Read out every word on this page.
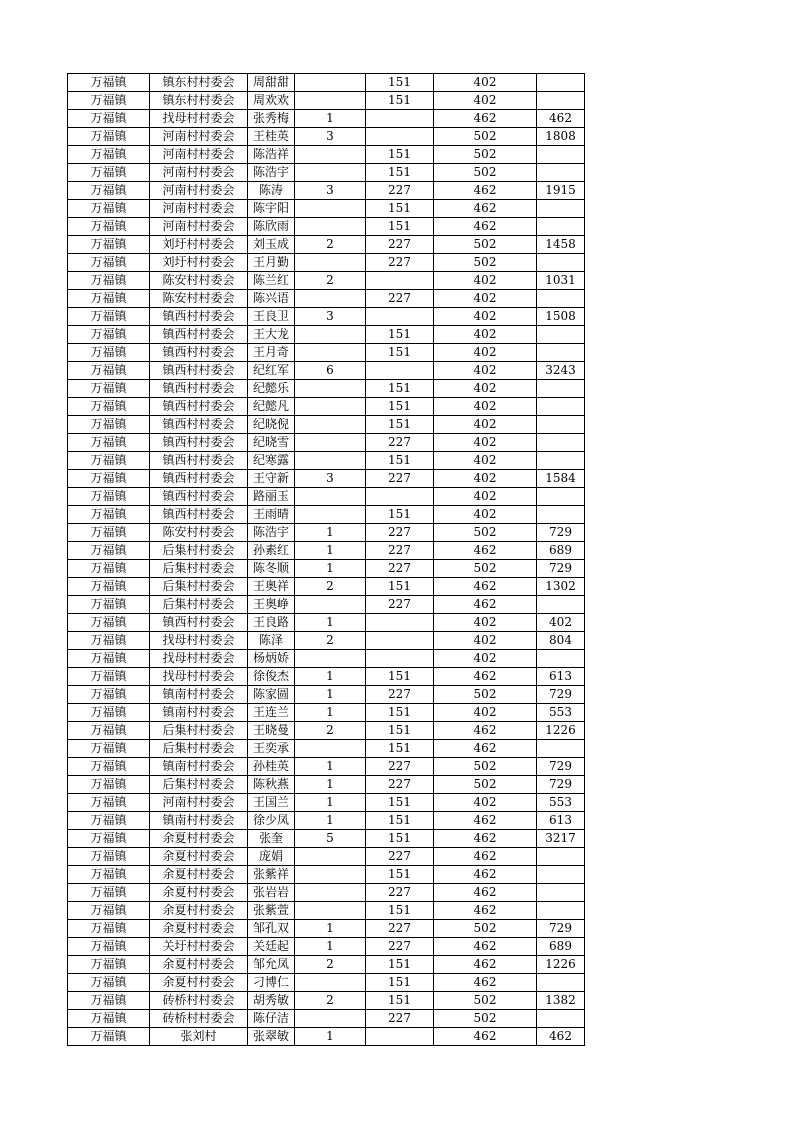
万福镇	镇东村村委会	周甜甜		151	402	
万福镇	镇东村村委会	周欢欢		151	402	
万福镇	找母村村委会	张秀梅	1		462	462
万福镇	河南村村委会	王桂英	3		502	1808
万福镇	河南村村委会	陈浩祥		151	502	
万福镇	河南村村委会	陈浩宇		151	502	
万福镇	河南村村委会	陈涛	3	227	462	1915
万福镇	河南村村委会	陈宇阳		151	462	
万福镇	河南村村委会	陈欣雨		151	462	
万福镇	刘圩村村委会	刘玉成	2	227	502	1458
万福镇	刘圩村村委会	王月勤		227	502	
万福镇	陈安村村委会	陈兰红	2		402	1031
万福镇	陈安村村委会	陈兴语		227	402	
万福镇	镇西村村委会	王良卫	3		402	1508
万福镇	镇西村村委会	王大龙		151	402	
万福镇	镇西村村委会	王月奇		151	402	
万福镇	镇西村村委会	纪红军	6		402	3243
万福镇	镇西村村委会	纪懿乐		151	402	
万福镇	镇西村村委会	纪懿凡		151	402	
万福镇	镇西村村委会	纪晓倪		151	402	
万福镇	镇西村村委会	纪晓雪		227	402	
万福镇	镇西村村委会	纪寒露		151	402	
万福镇	镇西村村委会	王守新	3	227	402	1584
万福镇	镇西村村委会	路丽玉			402	
万福镇	镇西村村委会	王雨晴		151	402	
万福镇	陈安村村委会	陈浩宇	1	227	502	729
万福镇	后集村村委会	孙素红	1	227	462	689
万福镇	后集村村委会	陈冬顺	1	227	502	729
万福镇	后集村村委会	王奥祥	2	151	462	1302
万福镇	后集村村委会	王奥峥		227	462	
万福镇	镇西村村委会	王良路	1		402	402
万福镇	找母村村委会	陈泽	2		402	804
万福镇	找母村村委会	杨炳娇			402	
万福镇	找母村村委会	徐俊杰	1	151	462	613
万福镇	镇南村村委会	陈家圆	1	227	502	729
万福镇	镇南村村委会	王连兰	1	151	402	553
万福镇	后集村村委会	王晓曼	2	151	462	1226
万福镇	后集村村委会	王奕承		151	462	
万福镇	镇南村村委会	孙桂英	1	227	502	729
万福镇	后集村村委会	陈秋燕	1	227	502	729
万福镇	河南村村委会	王国兰	1	151	402	553
万福镇	镇南村村委会	徐少凤	1	151	462	613
万福镇	余夏村村委会	张奎	5	151	462	3217
万福镇	余夏村村委会	庞娟		227	462	
万福镇	余夏村村委会	张紫祥		151	462	
万福镇	余夏村村委会	张岩岩		227	462	
万福镇	余夏村村委会	张紫萱		151	462	
万福镇	余夏村村委会	邹孔双	1	227	502	729
万福镇	关圩村村委会	关廷起	1	227	462	689
万福镇	余夏村村委会	邹允凤	2	151	462	1226
万福镇	余夏村村委会	刁博仁		151	462	
万福镇	砖桥村村委会	胡秀敏	2	151	502	1382
万福镇	砖桥村村委会	陈仔洁		227	502	
万福镇	张刘村	张翠敏	1		462	462
